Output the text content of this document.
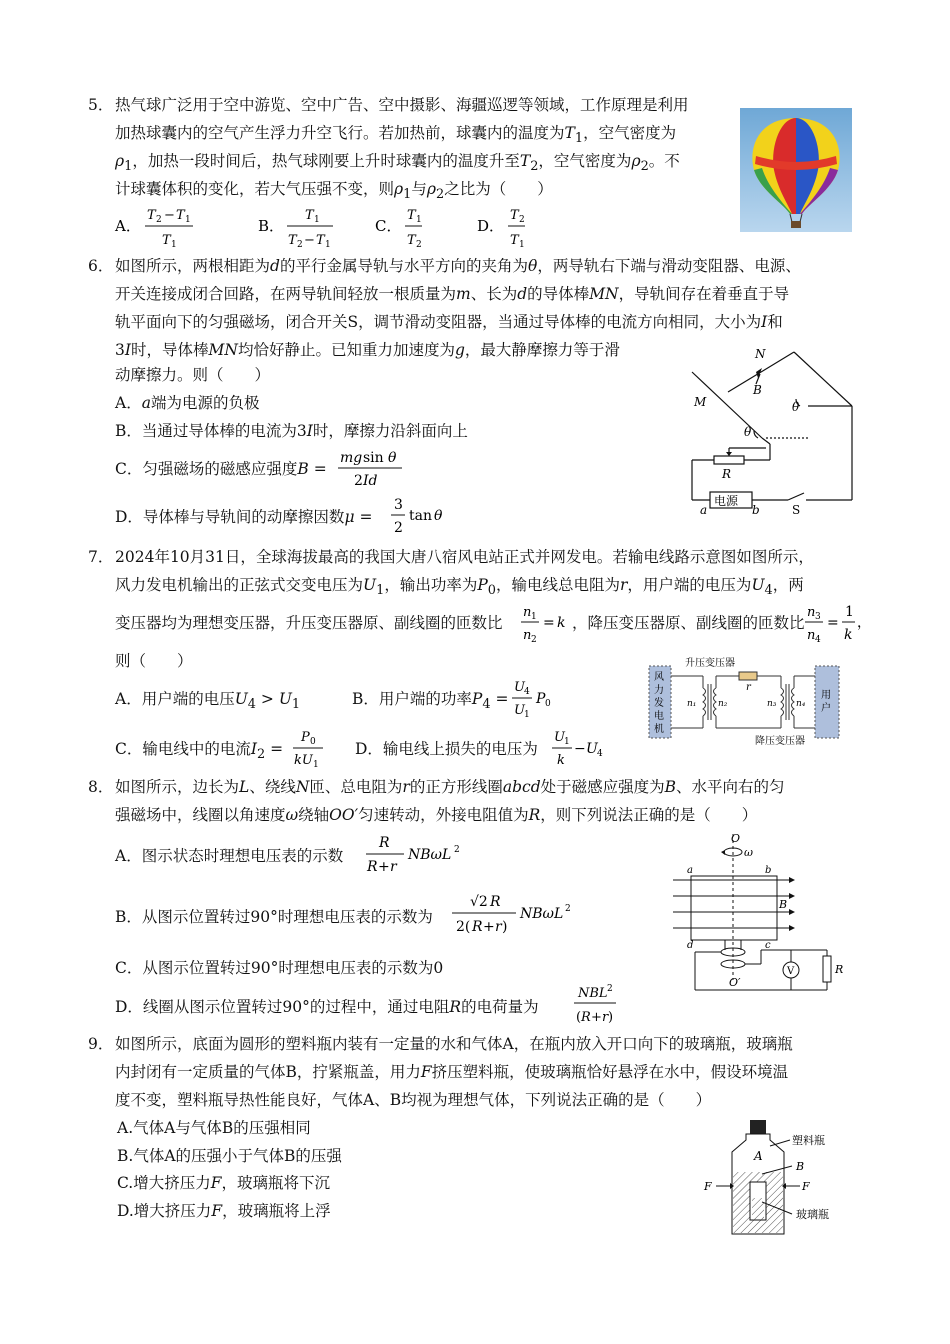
5． 热气球广泛用于空中游览、空中广告、空中摄影、海疆巡逻等领域，工作原理是利用
加热球囊内的空气产生浮力升空飞行。若加热前，球囊内的温度为$T_1$，空气密度为
$\rho_1$，加热一段时间后，热气球刚要上升时球囊内的温度升至$T_2$，空气密度为$\rho_2$。不
计球囊体积的变化，若大气压强不变，则$\rho_1$与$\rho_2$之比为（　　）
A．
T 2 − T 1
T 1
B．
T 1
T 2 − T 1
C．
T 1
T 2
D．
T 2
T 1
6． 如图所示，两根相距为d的平行金属导轨与水平方向的夹角为θ，两导轨右下端与滑动变阻器、电源、
开关连接成闭合回路，在两导轨间轻放一根质量为m、长为d的导体棒MN，导轨间存在着垂直于导
轨平面向下的匀强磁场，闭合开关S，调节滑动变阻器，当通过导体棒的电流方向相同，大小为I和
3I时，导体棒MN均恰好静止。已知重力加速度为g，最大静摩擦力等于滑
动摩擦力。则（　　）
A．a端为电源的负极
B．当通过导体棒的电流为3I时，摩擦力沿斜面向上
C．匀强磁场的磁感应强度B =
mg sin θ
2 Id
D．导体棒与导轨间的动摩擦因数μ =
3
2
tan θ
N
M
B
θ
θ
R
电源
a	b	S
7． 2024年10月31日，全球海拔最高的我国大唐八宿风电站正式并网发电。若输电线路示意图如图所示，
风力发电机输出的正弦式交变电压为$U_1$，输出功率为$P_0$，输电线总电阻为r，用户端的电压为$U_4$，两
变压器均为理想变压器，升压变压器原、副线圈的匝数比
n 1
n 2
= k ，降压变压器原、副线圈的匝数比
n 3
n 4
=
1
k
，
则（　　）
A．用户端的电压$U_4 > U_1$	B．用户端的功率$P_4$ =
U 4
U 1
P 0
C．输电线中的电流$I_2$ =
P 0
kU 1
D．输电线上损失的电压为
U 1
k
− U 4
升压变压器
降压变压器
风
力
发
电
机
用
户
r
n₁ n₂	n₃ n₄
8． 如图所示，边长为L、绕线N匝、总电阻为r的正方形线圈abcd处于磁感应强度为B、水平向右的匀
强磁场中，线圈以角速度ω绕轴OO′匀速转动，外接电阻值为R，则下列说法正确的是（　　）
A．图示状态时理想电压表的示数
R
R + r
NBωL 2
B．从图示位置转过90°时理想电压表的示数为
√2 R
2( R + r )
NBωL 2
C．从图示位置转过90°时理想电压表的示数为0
D．线圈从图示位置转过90°的过程中，通过电阻R的电荷量为
NBL 2
( R + r )
O
ω
a	b
c
d
B
V	R
O′
9． 如图所示，底面为圆形的塑料瓶内装有一定量的水和气体A，在瓶内放入开口向下的玻璃瓶，玻璃瓶
内封闭有一定质量的气体B，拧紧瓶盖，用力F挤压塑料瓶，使玻璃瓶恰好悬浮在水中，假设环境温
度不变，塑料瓶导热性能良好，气体A、B均视为理想气体，下列说法正确的是（　　）
A.气体A与气体B的压强相同
B.气体A的压强小于气体B的压强
C.增大挤压力F，玻璃瓶将下沉
D.增大挤压力F，玻璃瓶将上浮
A
塑料瓶
B
玻璃瓶
F	F
